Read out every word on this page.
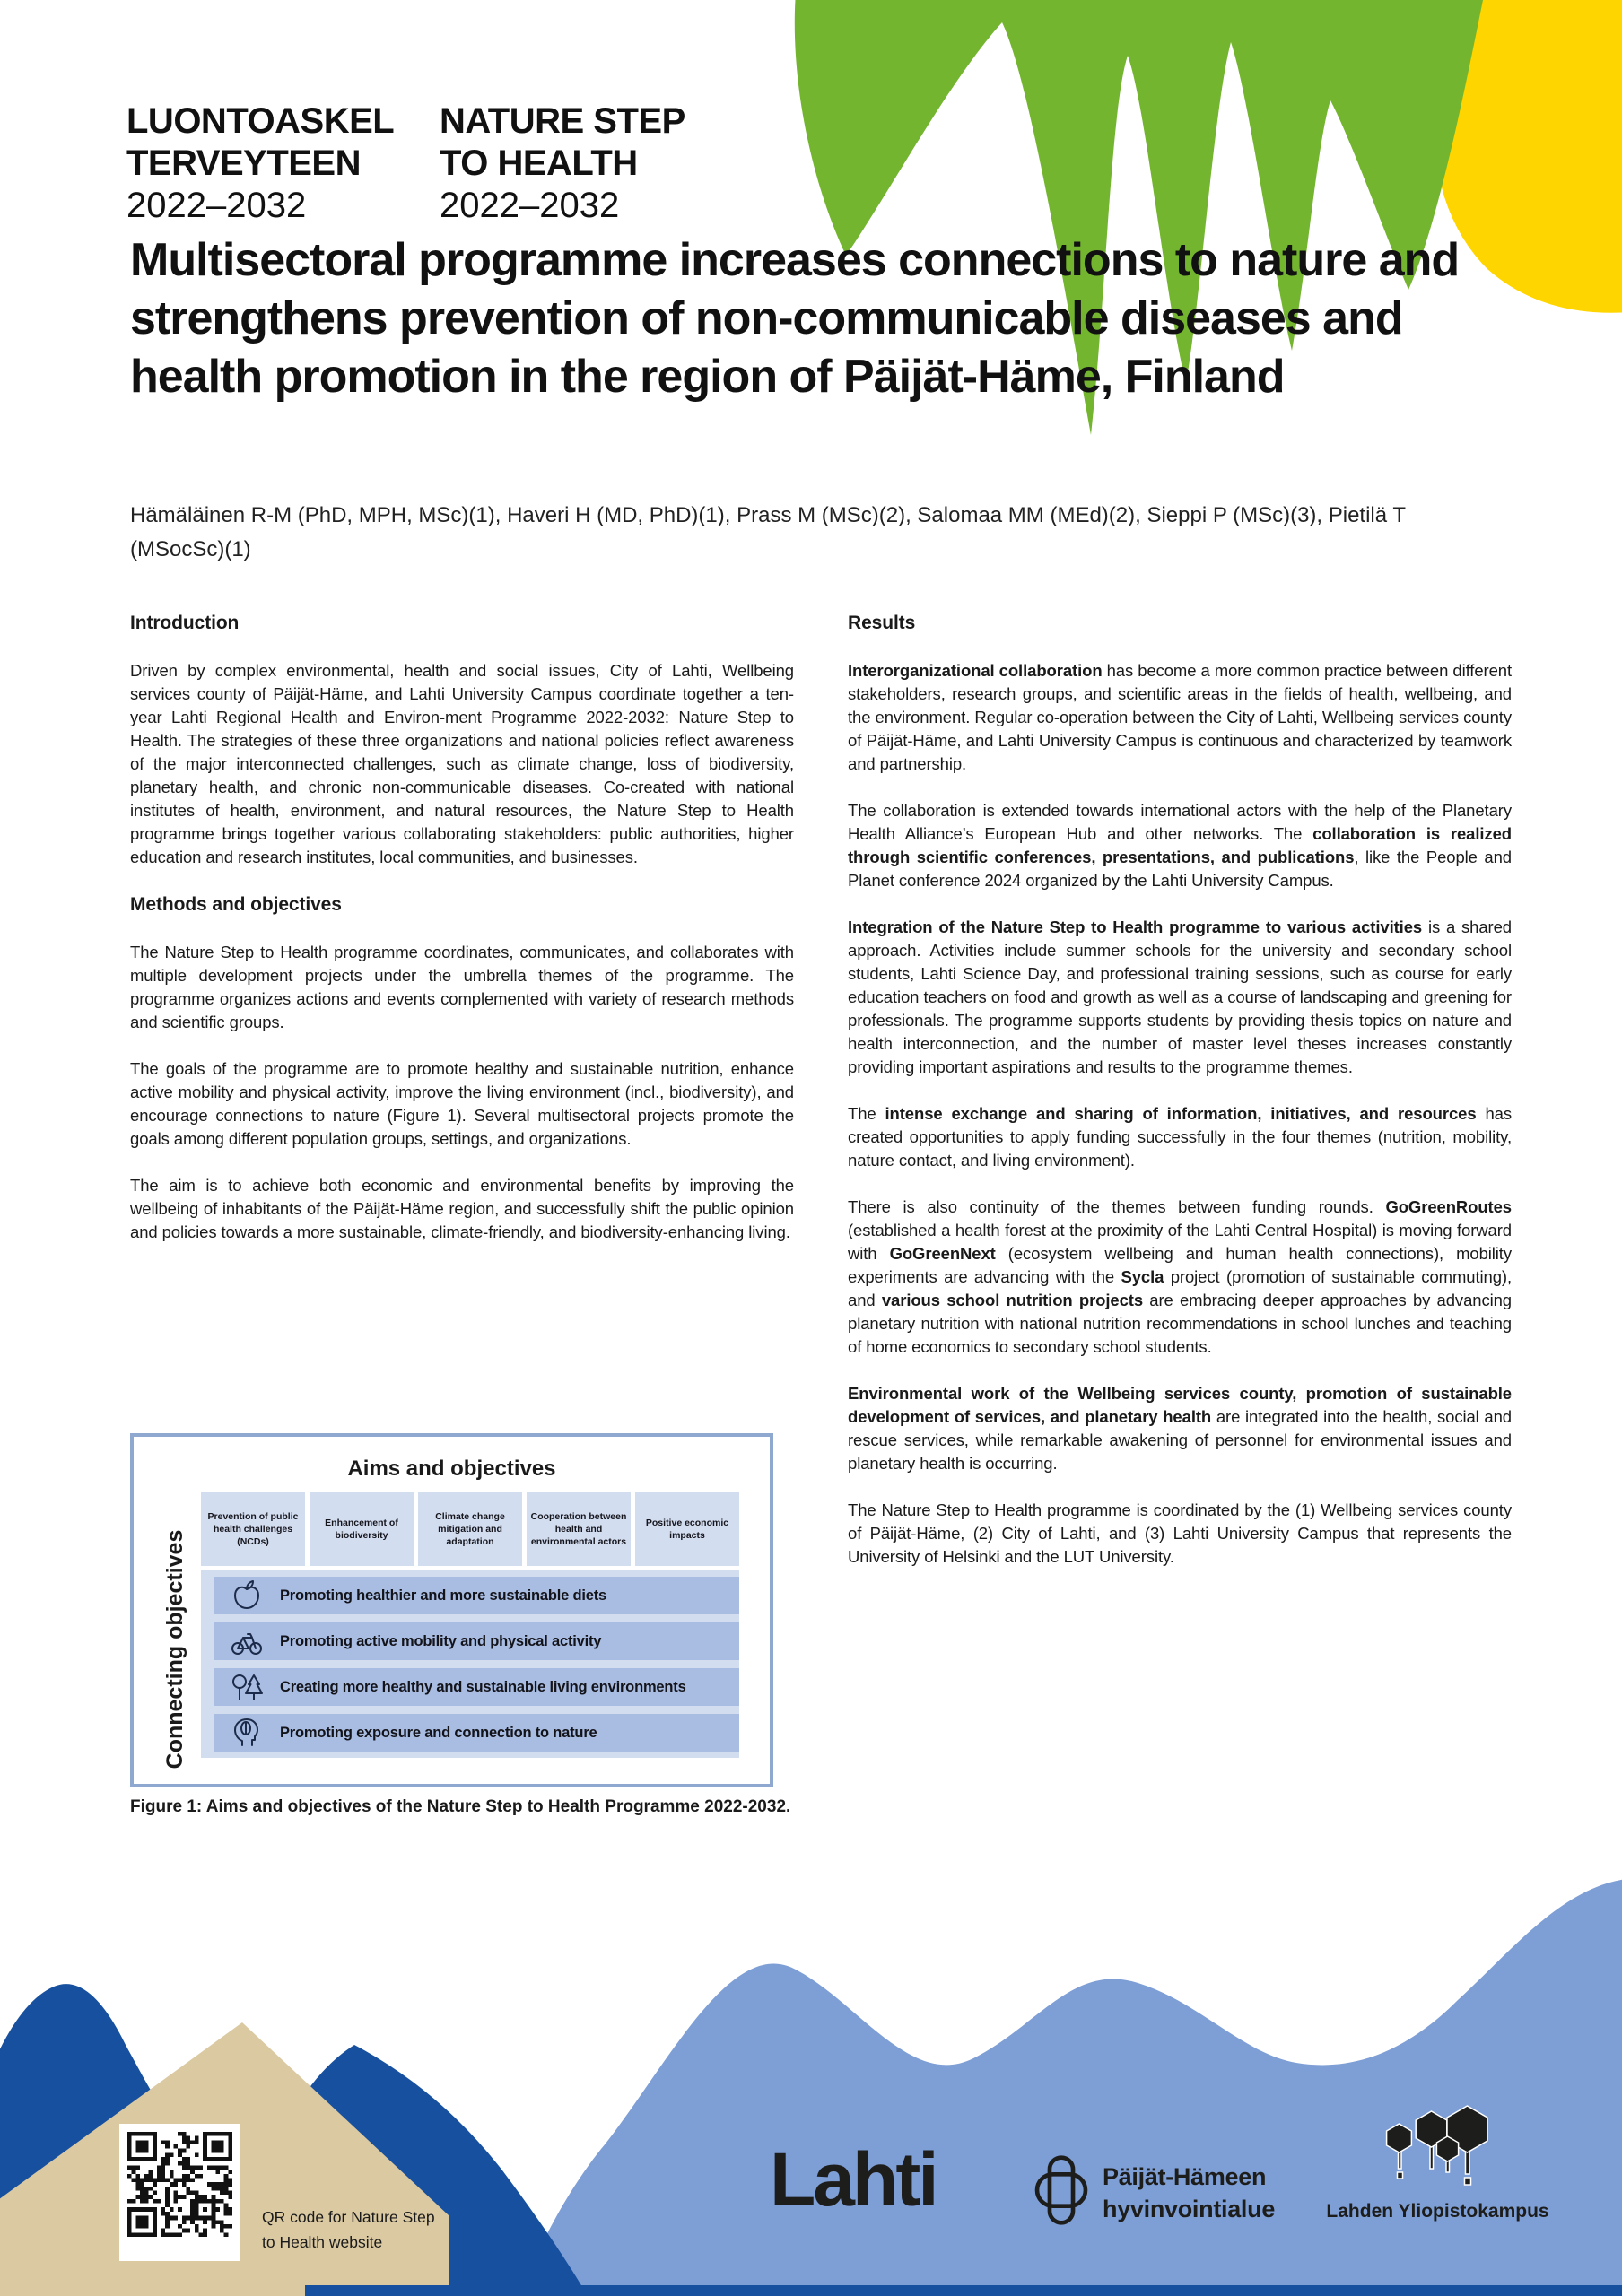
LUONTOASKEL
TERVEYTEEN
2022–2032
NATURE STEP
TO HEALTH
2022–2032
Multisectoral programme increases connections to nature and strengthens prevention of non-communicable diseases and health promotion in the region of Päijät-Häme, Finland
Hämäläinen R-M (PhD, MPH, MSc)(1), Haveri H (MD, PhD)(1), Prass M (MSc)(2), Salomaa MM (MEd)(2), Sieppi P (MSc)(3), Pietilä T (MSocSc)(1)
Introduction

Driven by complex environmental, health and social issues, City of Lahti, Wellbeing services county of Päijät-Häme, and Lahti University Campus coordinate together a ten-year Lahti Regional Health and Environ-ment Programme 2022-2032: Nature Step to Health. The strategies of these three organizations and national policies reflect awareness of the major interconnected challenges, such as climate change, loss of biodiversity, planetary health, and chronic non-communicable diseases. Co-created with national institutes of health, environment, and natural resources, the Nature Step to Health programme brings together various collaborating stakeholders: public authorities, higher education and research institutes, local communities, and businesses.

Methods and objectives

The Nature Step to Health programme coordinates, communicates, and collaborates with multiple development projects under the umbrella themes of the programme. The programme organizes actions and events complemented with variety of research methods and scientific groups.

The goals of the programme are to promote healthy and sustainable nutrition, enhance active mobility and physical activity, improve the living environment (incl., biodiversity), and encourage connections to nature (Figure 1). Several multisectoral projects promote the goals among different population groups, settings, and organizations.

The aim is to achieve both economic and environmental benefits by improving the wellbeing of inhabitants of the Päijät-Häme region, and successfully shift the public opinion and policies towards a more sustainable, climate-friendly, and biodiversity-enhancing living.

Results

Interorganizational collaboration has become a more common practice between different stakeholders, research groups, and scientific areas in the fields of health, wellbeing, and the environment. Regular co-operation between the City of Lahti, Wellbeing services county of Päijät-Häme, and Lahti University Campus is continuous and characterized by teamwork and partnership.

The collaboration is extended towards international actors with the help of the Planetary Health Alliance’s European Hub and other networks. The collaboration is realized through scientific conferences, presentations, and publications, like the People and Planet conference 2024 organized by the Lahti University Campus.

Integration of the Nature Step to Health programme to various activities is a shared approach. Activities include summer schools for the university and secondary school students, Lahti Science Day, and professional training sessions, such as course for early education teachers on food and growth as well as a course of landscaping and greening for professionals. The programme supports students by providing thesis topics on nature and health interconnection, and the number of master level theses increases constantly providing important aspirations and results to the programme themes.

The intense exchange and sharing of information, initiatives, and resources has created opportunities to apply funding successfully in the four themes (nutrition, mobility, nature contact, and living environment).

There is also continuity of the themes between funding rounds. GoGreenRoutes (established a health forest at the proximity of the Lahti Central Hospital) is moving forward with GoGreenNext (ecosystem wellbeing and human health connections), mobility experiments are advancing with the Sycla project (promotion of sustainable commuting), and various school nutrition projects are embracing deeper approaches by advancing planetary nutrition with national nutrition recommendations in school lunches and teaching of home economics to secondary school students.

Environmental work of the Wellbeing services county, promotion of sustainable development of services, and planetary health are integrated into the health, social and rescue services, while remarkable awakening of personnel for environmental issues and planetary health is occurring.

The Nature Step to Health programme is coordinated by the (1) Wellbeing services county of Päijät-Häme, (2) City of Lahti, and (3) Lahti University Campus that represents the University of Helsinki and the LUT University.

Aims and objectives
Connecting objectives
Prevention of public health challenges (NCDs)
Enhancement of biodiversity
Climate change mitigation and adaptation
Cooperation between health and environmental actors
Positive economic impacts
Promoting healthier and more sustainable diets
Promoting active mobility and physical activity
Creating more healthy and sustainable living environments
Promoting exposure and connection to nature
Figure 1: Aims and objectives of the Nature Step to Health Programme 2022-2032.
QR code for Nature Step
to Health website
Lahti	Päijät-Hämeen
hyvinvointialue	Lahden Yliopistokampus
